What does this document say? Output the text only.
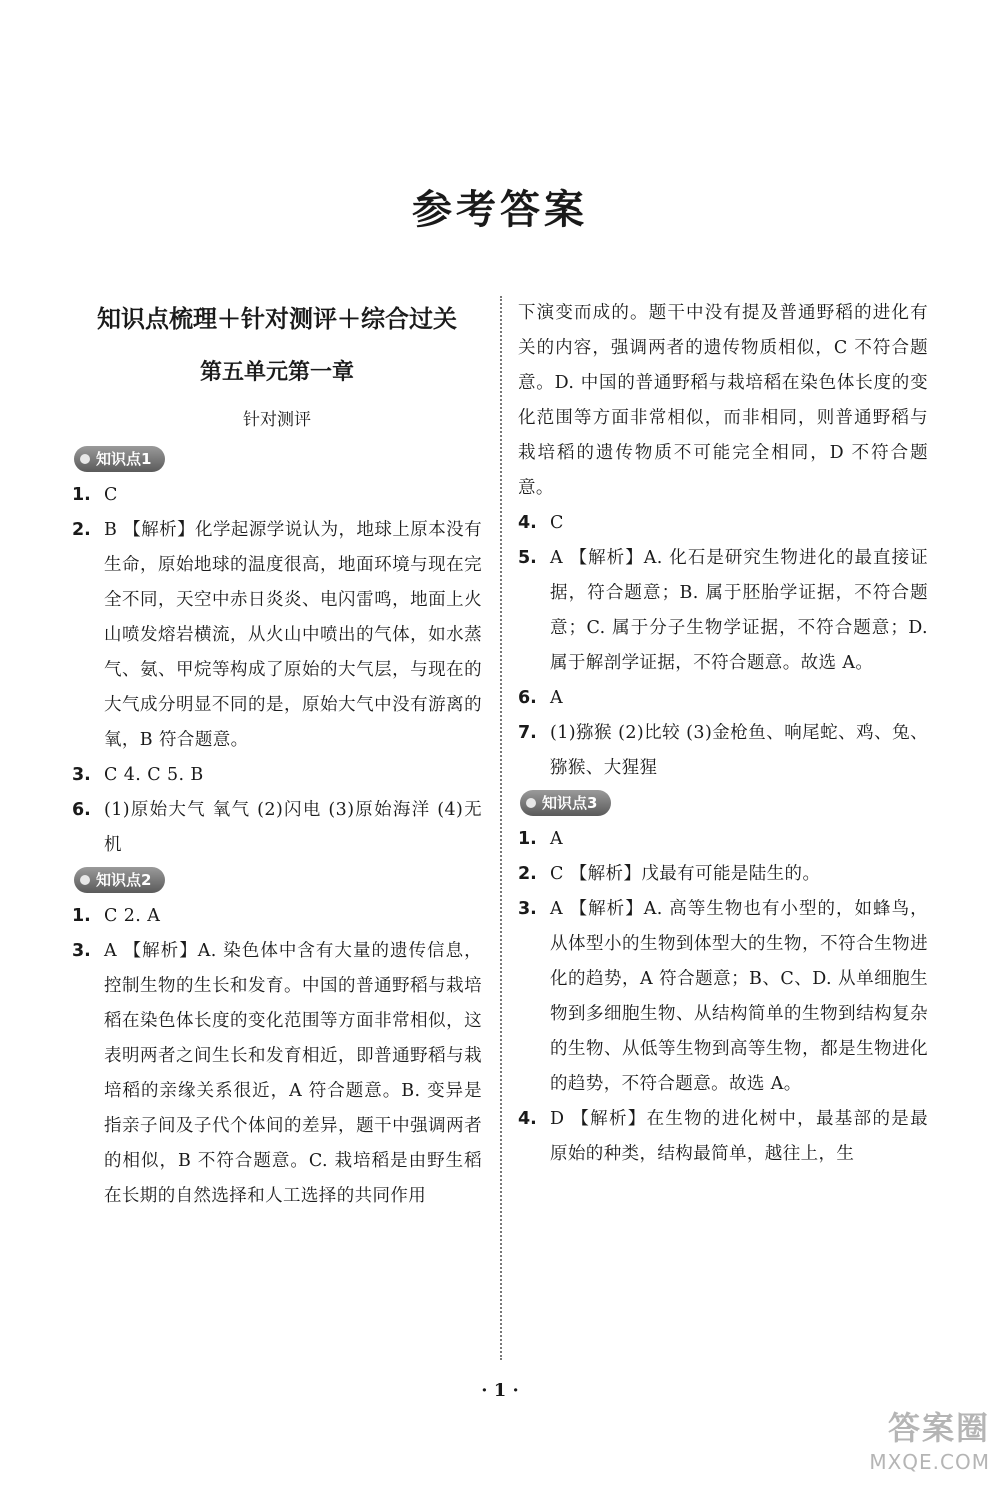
参考答案
知识点梳理＋针对测评＋综合过关
第五单元第一章
针对测评
知识点1
1. C
2. B 【解析】化学起源学说认为，地球上原本没有生命，原始地球的温度很高，地面环境与现在完全不同，天空中赤日炎炎、电闪雷鸣，地面上火山喷发熔岩横流，从火山中喷出的气体，如水蒸气、氨、甲烷等构成了原始的大气层，与现在的大气成分明显不同的是，原始大气中没有游离的氧，B 符合题意。
3. C 4. C 5. B
6. (1)原始大气 氧气 (2)闪电 (3)原始海洋 (4)无机
知识点2
1. C 2. A
3. A 【解析】A. 染色体中含有大量的遗传信息，控制生物的生长和发育。中国的普通野稻与栽培稻在染色体长度的变化范围等方面非常相似，这表明两者之间生长和发育相近，即普通野稻与栽培稻的亲缘关系很近，A 符合题意。B. 变异是指亲子间及子代个体间的差异，题干中强调两者的相似，B 不符合题意。C. 栽培稻是由野生稻在长期的自然选择和人工选择的共同作用
下演变而成的。题干中没有提及普通野稻的进化有关的内容，强调两者的遗传物质相似，C 不符合题意。D. 中国的普通野稻与栽培稻在染色体长度的变化范围等方面非常相似，而非相同，则普通野稻与栽培稻的遗传物质不可能完全相同，D 不符合题意。
4. C
5. A 【解析】A. 化石是研究生物进化的最直接证据，符合题意；B. 属于胚胎学证据，不符合题意；C. 属于分子生物学证据，不符合题意；D. 属于解剖学证据，不符合题意。故选 A。
6. A
7. (1)猕猴 (2)比较 (3)金枪鱼、响尾蛇、鸡、兔、猕猴、大猩猩
知识点3
1. A
2. C 【解析】戊最有可能是陆生的。
3. A 【解析】A. 高等生物也有小型的，如蜂鸟，从体型小的生物到体型大的生物，不符合生物进化的趋势，A 符合题意；B、C、D. 从单细胞生物到多细胞生物、从结构简单的生物到结构复杂的生物、从低等生物到高等生物，都是生物进化的趋势，不符合题意。故选 A。
4. D 【解析】在生物的进化树中，最基部的是最原始的种类，结构最简单，越往上，生
· 1 ·
答案圈
MXQE.COM
